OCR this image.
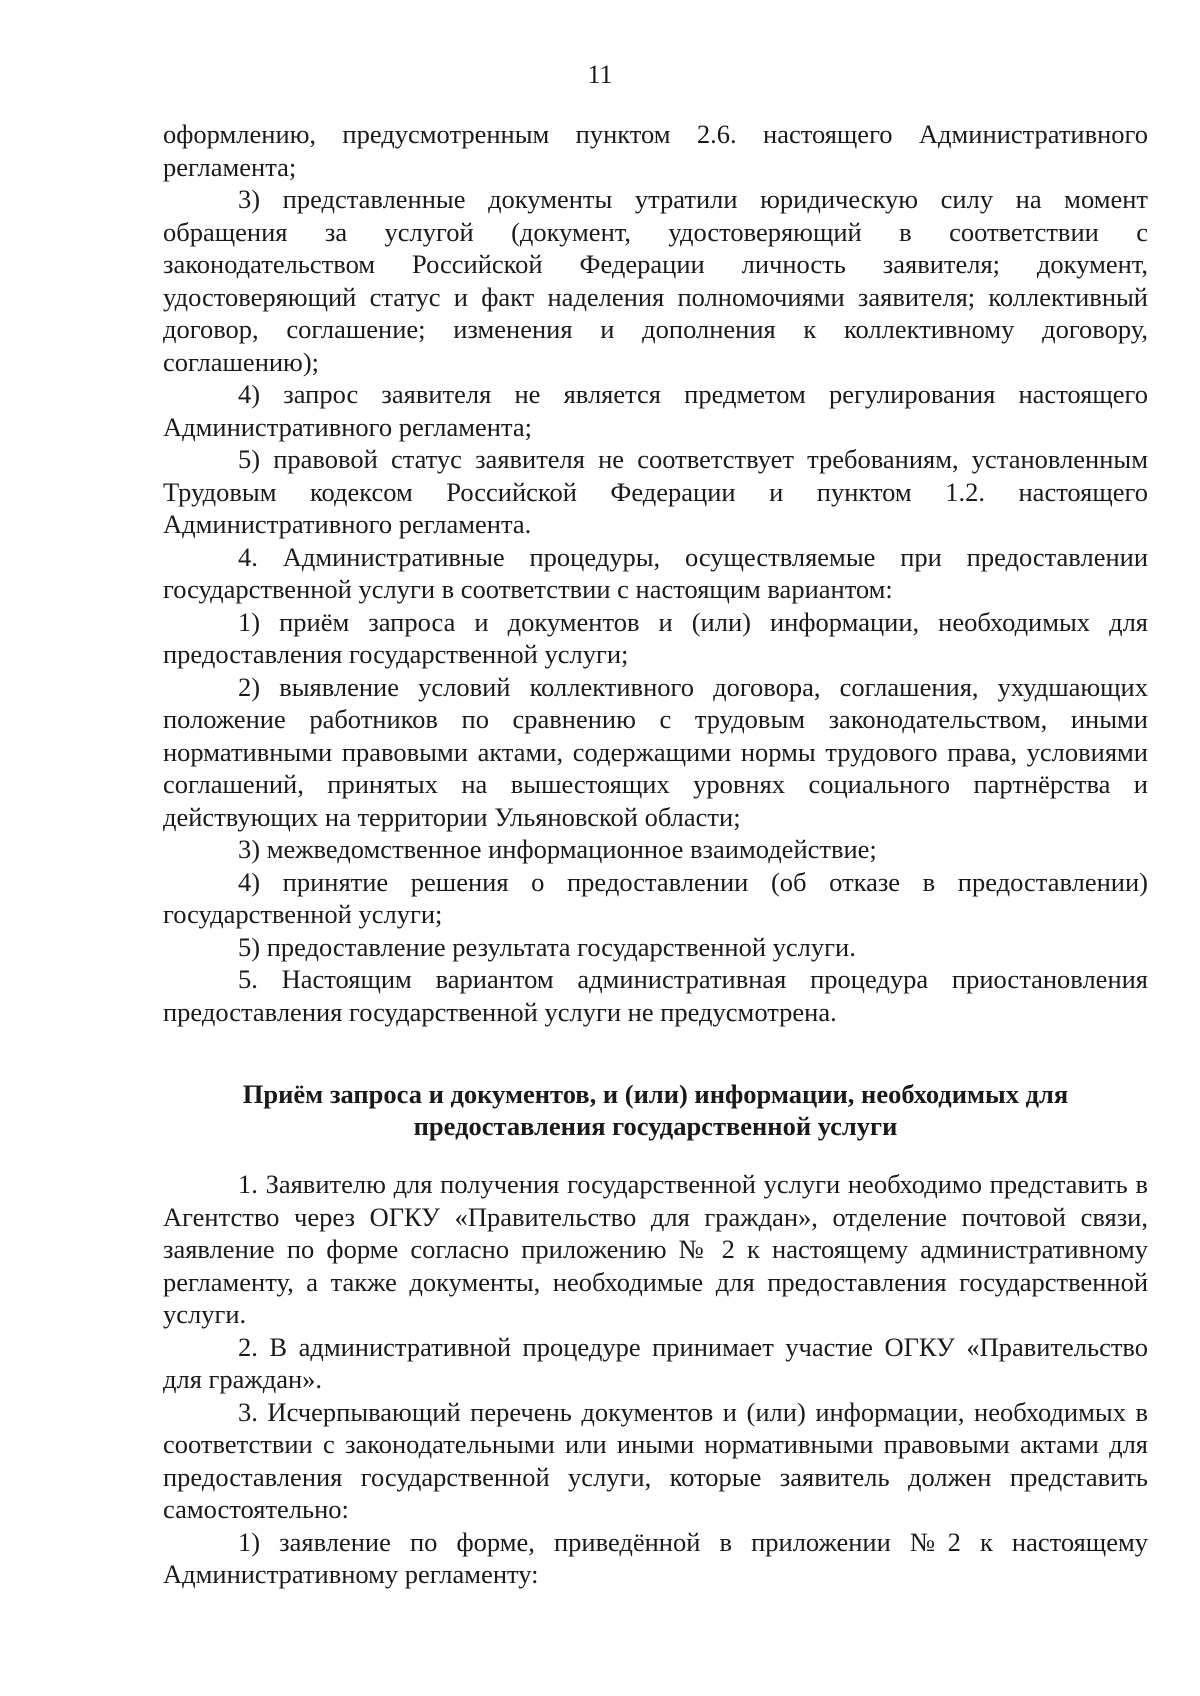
11

оформлению, предусмотренным пунктом 2.6. настоящего Административного регламента;

3) представленные документы утратили юридическую силу на момент обращения за услугой (документ, удостоверяющий в соответствии с законодательством Российской Федерации личность заявителя; документ, удостоверяющий статус и факт наделения полномочиями заявителя; коллективный договор, соглашение; изменения и дополнения к коллективному договору, соглашению);

4) запрос заявителя не является предметом регулирования настоящего Административного регламента;

5) правовой статус заявителя не соответствует требованиям, установленным Трудовым кодексом Российской Федерации и пунктом 1.2. настоящего Административного регламента.

4. Административные процедуры, осуществляемые при предоставлении государственной услуги в соответствии с настоящим вариантом:

1) приём запроса и документов и (или) информации, необходимых для предоставления государственной услуги;

2) выявление условий коллективного договора, соглашения, ухудшающих положение работников по сравнению с трудовым законодательством, иными нормативными правовыми актами, содержащими нормы трудового права, условиями соглашений, принятых на вышестоящих уровнях социального партнёрства и действующих на территории Ульяновской области;

3) межведомственное информационное взаимодействие;

4) принятие решения о предоставлении (об отказе в предоставлении) государственной услуги;

5) предоставление результата государственной услуги.

5. Настоящим вариантом административная процедура приостановления предоставления государственной услуги не предусмотрена.

Приём запроса и документов, и (или) информации, необходимых для
предоставления государственной услуги

1. Заявителю для получения государственной услуги необходимо представить в Агентство через ОГКУ «Правительство для граждан», отделение почтовой связи, заявление по форме согласно приложению № 2 к настоящему административному регламенту, а также документы, необходимые для предоставления государственной услуги.

2. В административной процедуре принимает участие ОГКУ «Правительство для граждан».

3. Исчерпывающий перечень документов и (или) информации, необходимых в соответствии с законодательными или иными нормативными правовыми актами для предоставления государственной услуги, которые заявитель должен представить самостоятельно:

1) заявление по форме, приведённой в приложении №2 к настоящему Административному регламенту:
